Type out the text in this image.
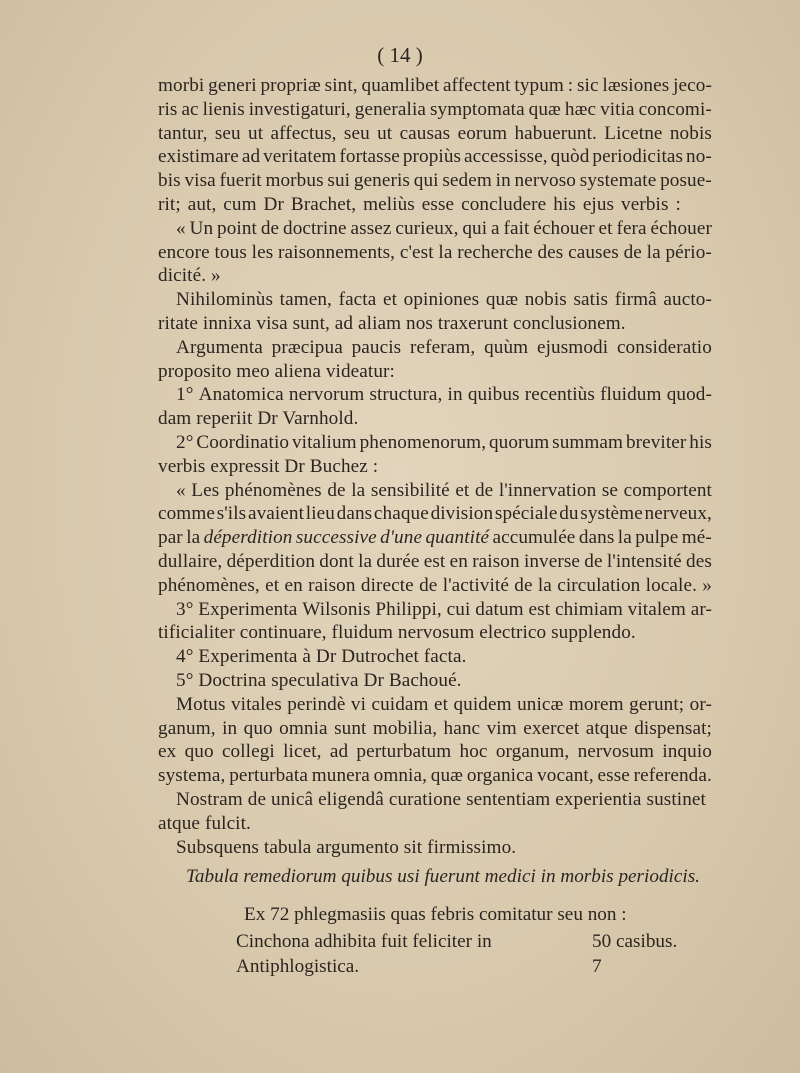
( 14 )
morbi generi propriæ sint, quamlibet affectent typum : sic læsiones jeco-
ris ac lienis investigaturi, generalia symptomata quæ hæc vitia concomi-
tantur, seu ut affectus, seu ut causas eorum habuerunt. Licetne nobis
existimare ad veritatem fortasse propiùs accessisse, quòd periodicitas no-
bis visa fuerit morbus sui generis qui sedem in nervoso systemate posue-
rit; aut, cum Dr Brachet, meliùs esse concludere his ejus verbis :
« Un point de doctrine assez curieux, qui a fait échouer et fera échouer
encore tous les raisonnements, c'est la recherche des causes de la pério-
dicité. »
Nihilominùs tamen, facta et opiniones quæ nobis satis firmâ aucto-
ritate innixa visa sunt, ad aliam nos traxerunt conclusionem.
Argumenta præcipua paucis referam, quùm ejusmodi consideratio
proposito meo aliena videatur:
1° Anatomica nervorum structura, in quibus recentiùs fluidum quod-
dam reperiit Dr Varnhold.
2° Coordinatio vitalium phenomenorum, quorum summam breviter his
verbis expressit Dr Buchez :
« Les phénomènes de la sensibilité et de l'innervation se comportent
comme s'ils avaient lieu dans chaque division spéciale du système nerveux,
par la déperdition successive d'une quantité accumulée dans la pulpe mé-
dullaire, déperdition dont la durée est en raison inverse de l'intensité des
phénomènes, et en raison directe de l'activité de la circulation locale. »
3° Experimenta Wilsonis Philippi, cui datum est chimiam vitalem ar-
tificialiter continuare, fluidum nervosum electrico supplendo.
4° Experimenta à Dr Dutrochet facta.
5° Doctrina speculativa Dr Bachoué.
Motus vitales perindè vi cuidam et quidem unicæ morem gerunt; or-
ganum, in quo omnia sunt mobilia, hanc vim exercet atque dispensat;
ex quo collegi licet, ad perturbatum hoc organum, nervosum inquio
systema, perturbata munera omnia, quæ organica vocant, esse referenda.
Nostram de unicâ eligendâ curatione sententiam experientia sustinet
atque fulcit.
Subsquens tabula argumento sit firmissimo.
Tabula remediorum quibus usi fuerunt medici in morbis periodicis.
Ex 72 phlegmasiis quas febris comitatur seu non :
Cinchona adhibita fuit feliciter in	50 casibus.
Antiphlogistica.	7
